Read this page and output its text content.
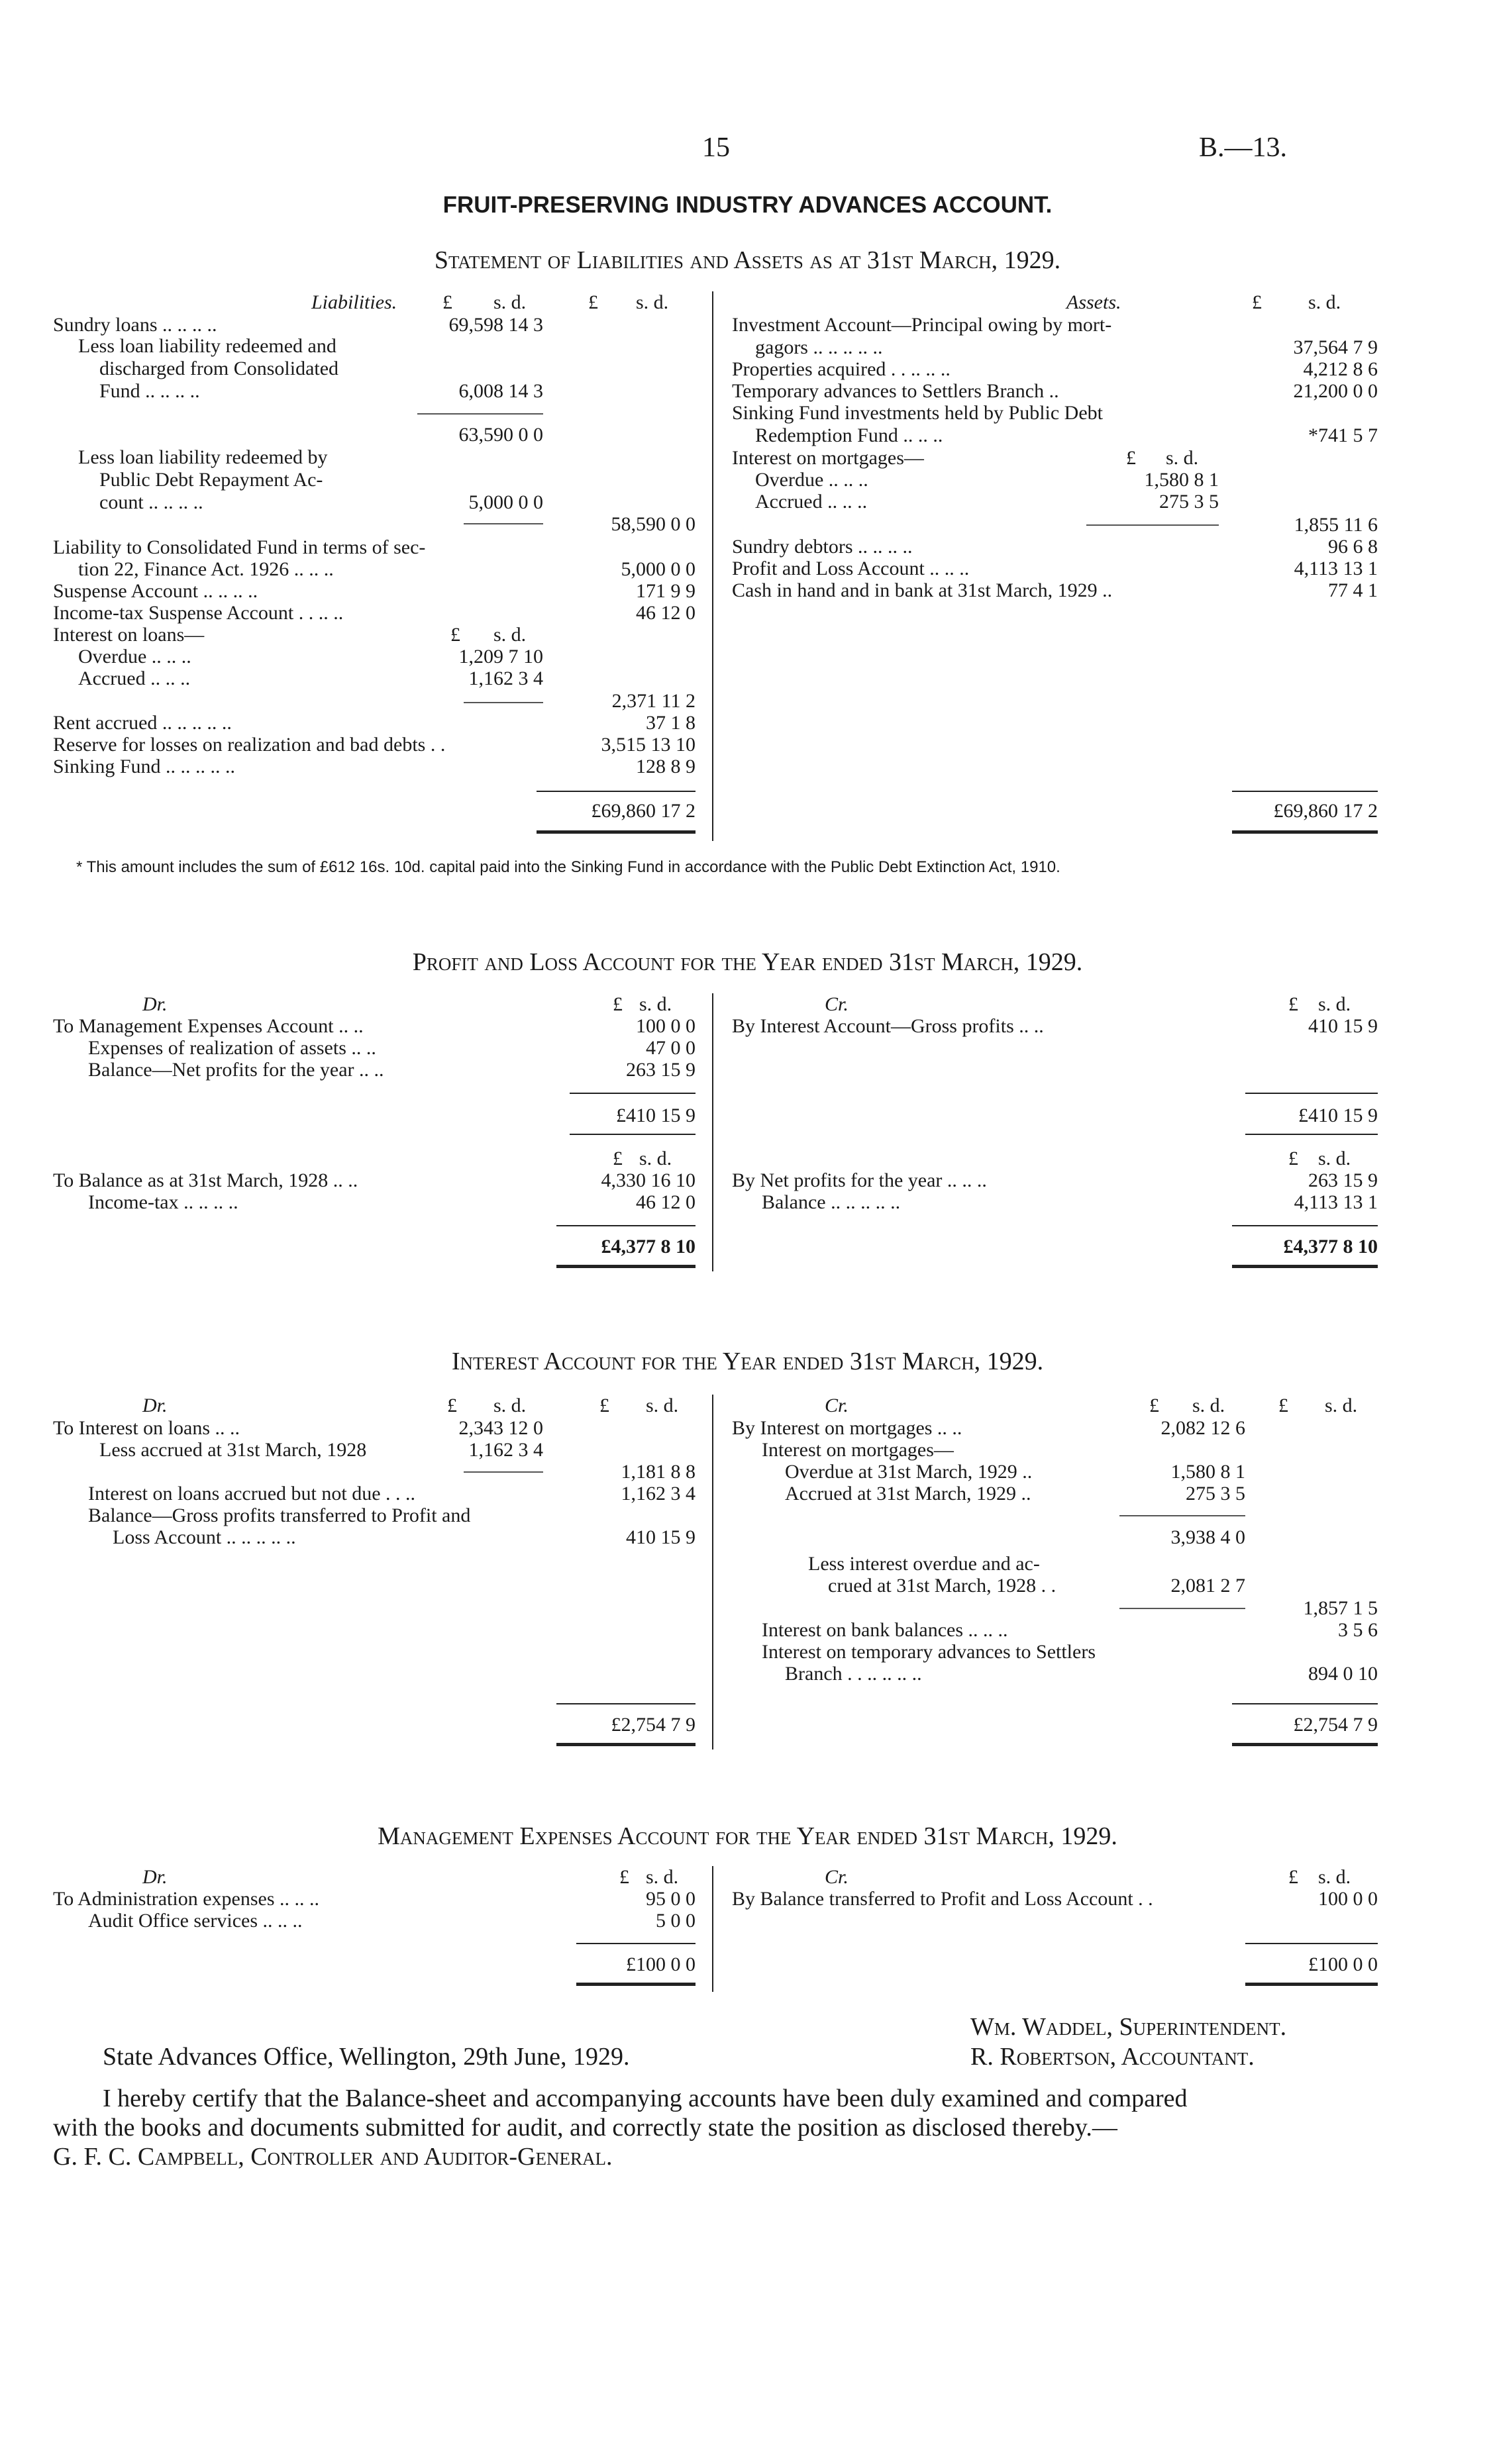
15	B.—13.
FRUIT-PRESERVING INDUSTRY ADVANCES ACCOUNT.
Statement of Liabilities and Assets as at 31st March, 1929.
Liabilities. £ s. d.	£ s. d.
Sundry loans .. .. .. ..	69,598 14 3
Less loan liability redeemed and
discharged from Consolidated
Fund .. .. .. ..	6,008 14 3
63,590 0 0
Less loan liability redeemed by
Public Debt Repayment Ac-
count .. .. .. ..	5,000 0 0
58,590 0 0
Liability to Consolidated Fund in terms of sec-
tion 22, Finance Act. 1926 .. .. ..	5,000 0 0
Suspense Account .. .. .. ..	171 9 9
Income-tax Suspense Account . . .. ..	46 12 0
Interest on loans—	£ s. d.
Overdue .. .. ..	1,209 7 10
Accrued .. .. ..	1,162 3 4
2,371 11 2
Rent accrued .. .. .. .. ..	37 1 8
Reserve for losses on realization and bad debts . .	3,515 13 10
Sinking Fund .. .. .. .. ..	128 8 9
£69,860 17 2
Assets.	£ s. d.
Investment Account—Principal owing by mort-
gagors .. .. .. .. ..	37,564 7 9
Properties acquired . . .. .. ..	4,212 8 6
Temporary advances to Settlers Branch ..	21,200 0 0
Sinking Fund investments held by Public Debt
Redemption Fund .. .. ..	*741 5 7
Interest on mortgages—	£ s. d.
Overdue .. .. ..	1,580 8 1
Accrued .. .. ..	275 3 5
1,855 11 6
Sundry debtors .. .. .. ..	96 6 8
Profit and Loss Account .. .. ..	4,113 13 1
Cash in hand and in bank at 31st March, 1929 ..	77 4 1
£69,860 17 2
* This amount includes the sum of £612 16s. 10d. capital paid into the Sinking Fund in accordance with the Public Debt Extinction Act, 1910.
Profit and Loss Account for the Year ended 31st March, 1929.
Dr.	£ s. d.	Cr.	£ s. d.
To Management Expenses Account .. ..	100 0 0
Expenses of realization of assets .. ..	47 0 0
Balance—Net profits for the year .. ..	263 15 9
£410 15 9
By Interest Account—Gross profits .. ..	410 15 9
£410 15 9
£ s. d.	£ s. d.
To Balance as at 31st March, 1928 .. ..	4,330 16 10
Income-tax .. .. .. ..	46 12 0
£4,377 8 10
By Net profits for the year .. .. ..	263 15 9
Balance .. .. .. .. ..	4,113 13 1
£4,377 8 10
Interest Account for the Year ended 31st March, 1929.
Dr.	£ s. d.	£ s. d.	Cr.	£ s. d.	£ s. d.
To Interest on loans .. ..	2,343 12 0
Less accrued at 31st March, 1928	1,162 3 4
1,181 8 8
Interest on loans accrued but not due . . ..	1,162 3 4
Balance—Gross profits transferred to Profit and
Loss Account .. .. .. .. ..	410 15 9
£2,754 7 9
By Interest on mortgages .. ..	2,082 12 6
Interest on mortgages—
Overdue at 31st March, 1929 ..	1,580 8 1
Accrued at 31st March, 1929 ..	275 3 5
3,938 4 0
Less interest overdue and ac-
crued at 31st March, 1928 . .	2,081 2 7
1,857 1 5
Interest on bank balances .. .. ..	3 5 6
Interest on temporary advances to Settlers
Branch . . .. .. .. ..	894 0 10
£2,754 7 9
Management Expenses Account for the Year ended 31st March, 1929.
Dr.	£ s. d.	Cr.	£ s. d.
To Administration expenses .. .. ..	95 0 0
Audit Office services .. .. ..	5 0 0
£100 0 0
By Balance transferred to Profit and Loss Account . .	100 0 0
£100 0 0
Wm. Waddel, Superintendent.
State Advances Office, Wellington, 29th June, 1929.	R. Robertson, Accountant.
I hereby certify that the Balance-sheet and accompanying accounts have been duly examined and compared
with the books and documents submitted for audit, and correctly state the position as disclosed thereby.—
G. F. C. Campbell, Controller and Auditor-General.
